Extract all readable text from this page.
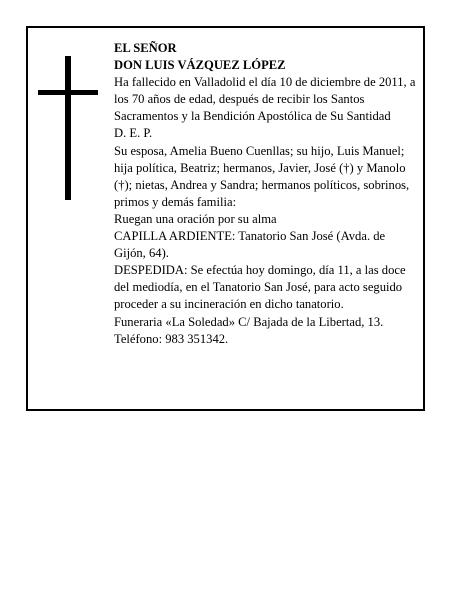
EL SEÑOR

DON LUIS VÁZQUEZ LÓPEZ

Ha fallecido en Valladolid el día 10 de diciembre de 2011, a los 70 años de edad, después de recibir los Santos Sacramentos y la Bendición Apostólica de Su Santidad

D. E. P.

Su esposa, Amelia Bueno Cuenllas; su hijo, Luis Manuel; hija política, Beatriz; hermanos, Javier, José (†) y Manolo (†); nietas, Andrea y Sandra; hermanos políticos, sobrinos, primos y demás familia:

Ruegan una oración por su alma

CAPILLA ARDIENTE: Tanatorio San José (Avda. de Gijón, 64).

DESPEDIDA: Se efectúa hoy domingo, día 11, a las doce del mediodía, en el Tanatorio San José, para acto seguido proceder a su incineración en dicho tanatorio.

Funeraria «La Soledad» C/ Bajada de la Libertad, 13. Teléfono: 983 351342.
